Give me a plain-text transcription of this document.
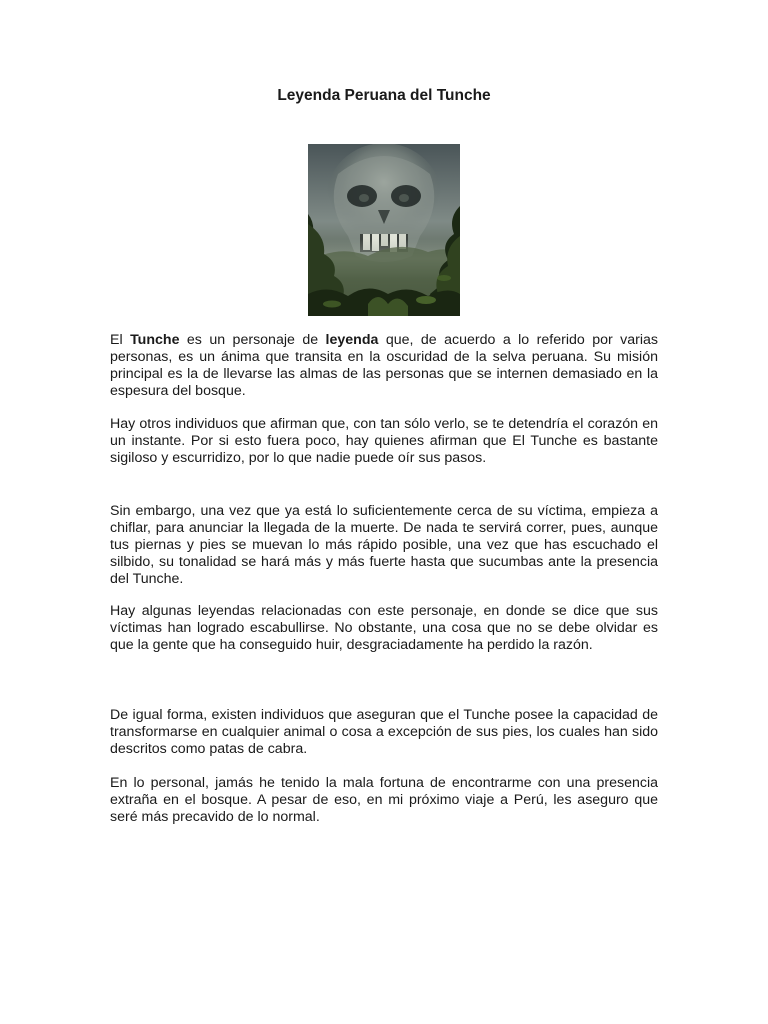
Leyenda Peruana del Tunche

El Tunche es un personaje de leyenda que, de acuerdo a lo referido por varias personas, es un ánima que transita en la oscuridad de la selva peruana. Su misión principal es la de llevarse las almas de las personas que se internen demasiado en la espesura del bosque.

Hay otros individuos que afirman que, con tan sólo verlo, se te detendría el corazón en un instante. Por si esto fuera poco, hay quienes afirman que El Tunche es bastante sigiloso y escurridizo, por lo que nadie puede oír sus pasos.

Sin embargo, una vez que ya está lo suficientemente cerca de su víctima, empieza a chiflar, para anunciar la llegada de la muerte. De nada te servirá correr, pues, aunque tus piernas y pies se muevan lo más rápido posible, una vez que has escuchado el silbido, su tonalidad se hará más y más fuerte hasta que sucumbas ante la presencia del Tunche.

Hay algunas leyendas relacionadas con este personaje, en donde se dice que sus víctimas han logrado escabullirse. No obstante, una cosa que no se debe olvidar es que la gente que ha conseguido huir, desgraciadamente ha perdido la razón.

De igual forma, existen individuos que aseguran que el Tunche posee la capacidad de transformarse en cualquier animal o cosa a excepción de sus pies, los cuales han sido descritos como patas de cabra.

En lo personal, jamás he tenido la mala fortuna de encontrarme con una presencia extraña en el bosque. A pesar de eso, en mi próximo viaje a Perú, les aseguro que seré más precavido de lo normal.
